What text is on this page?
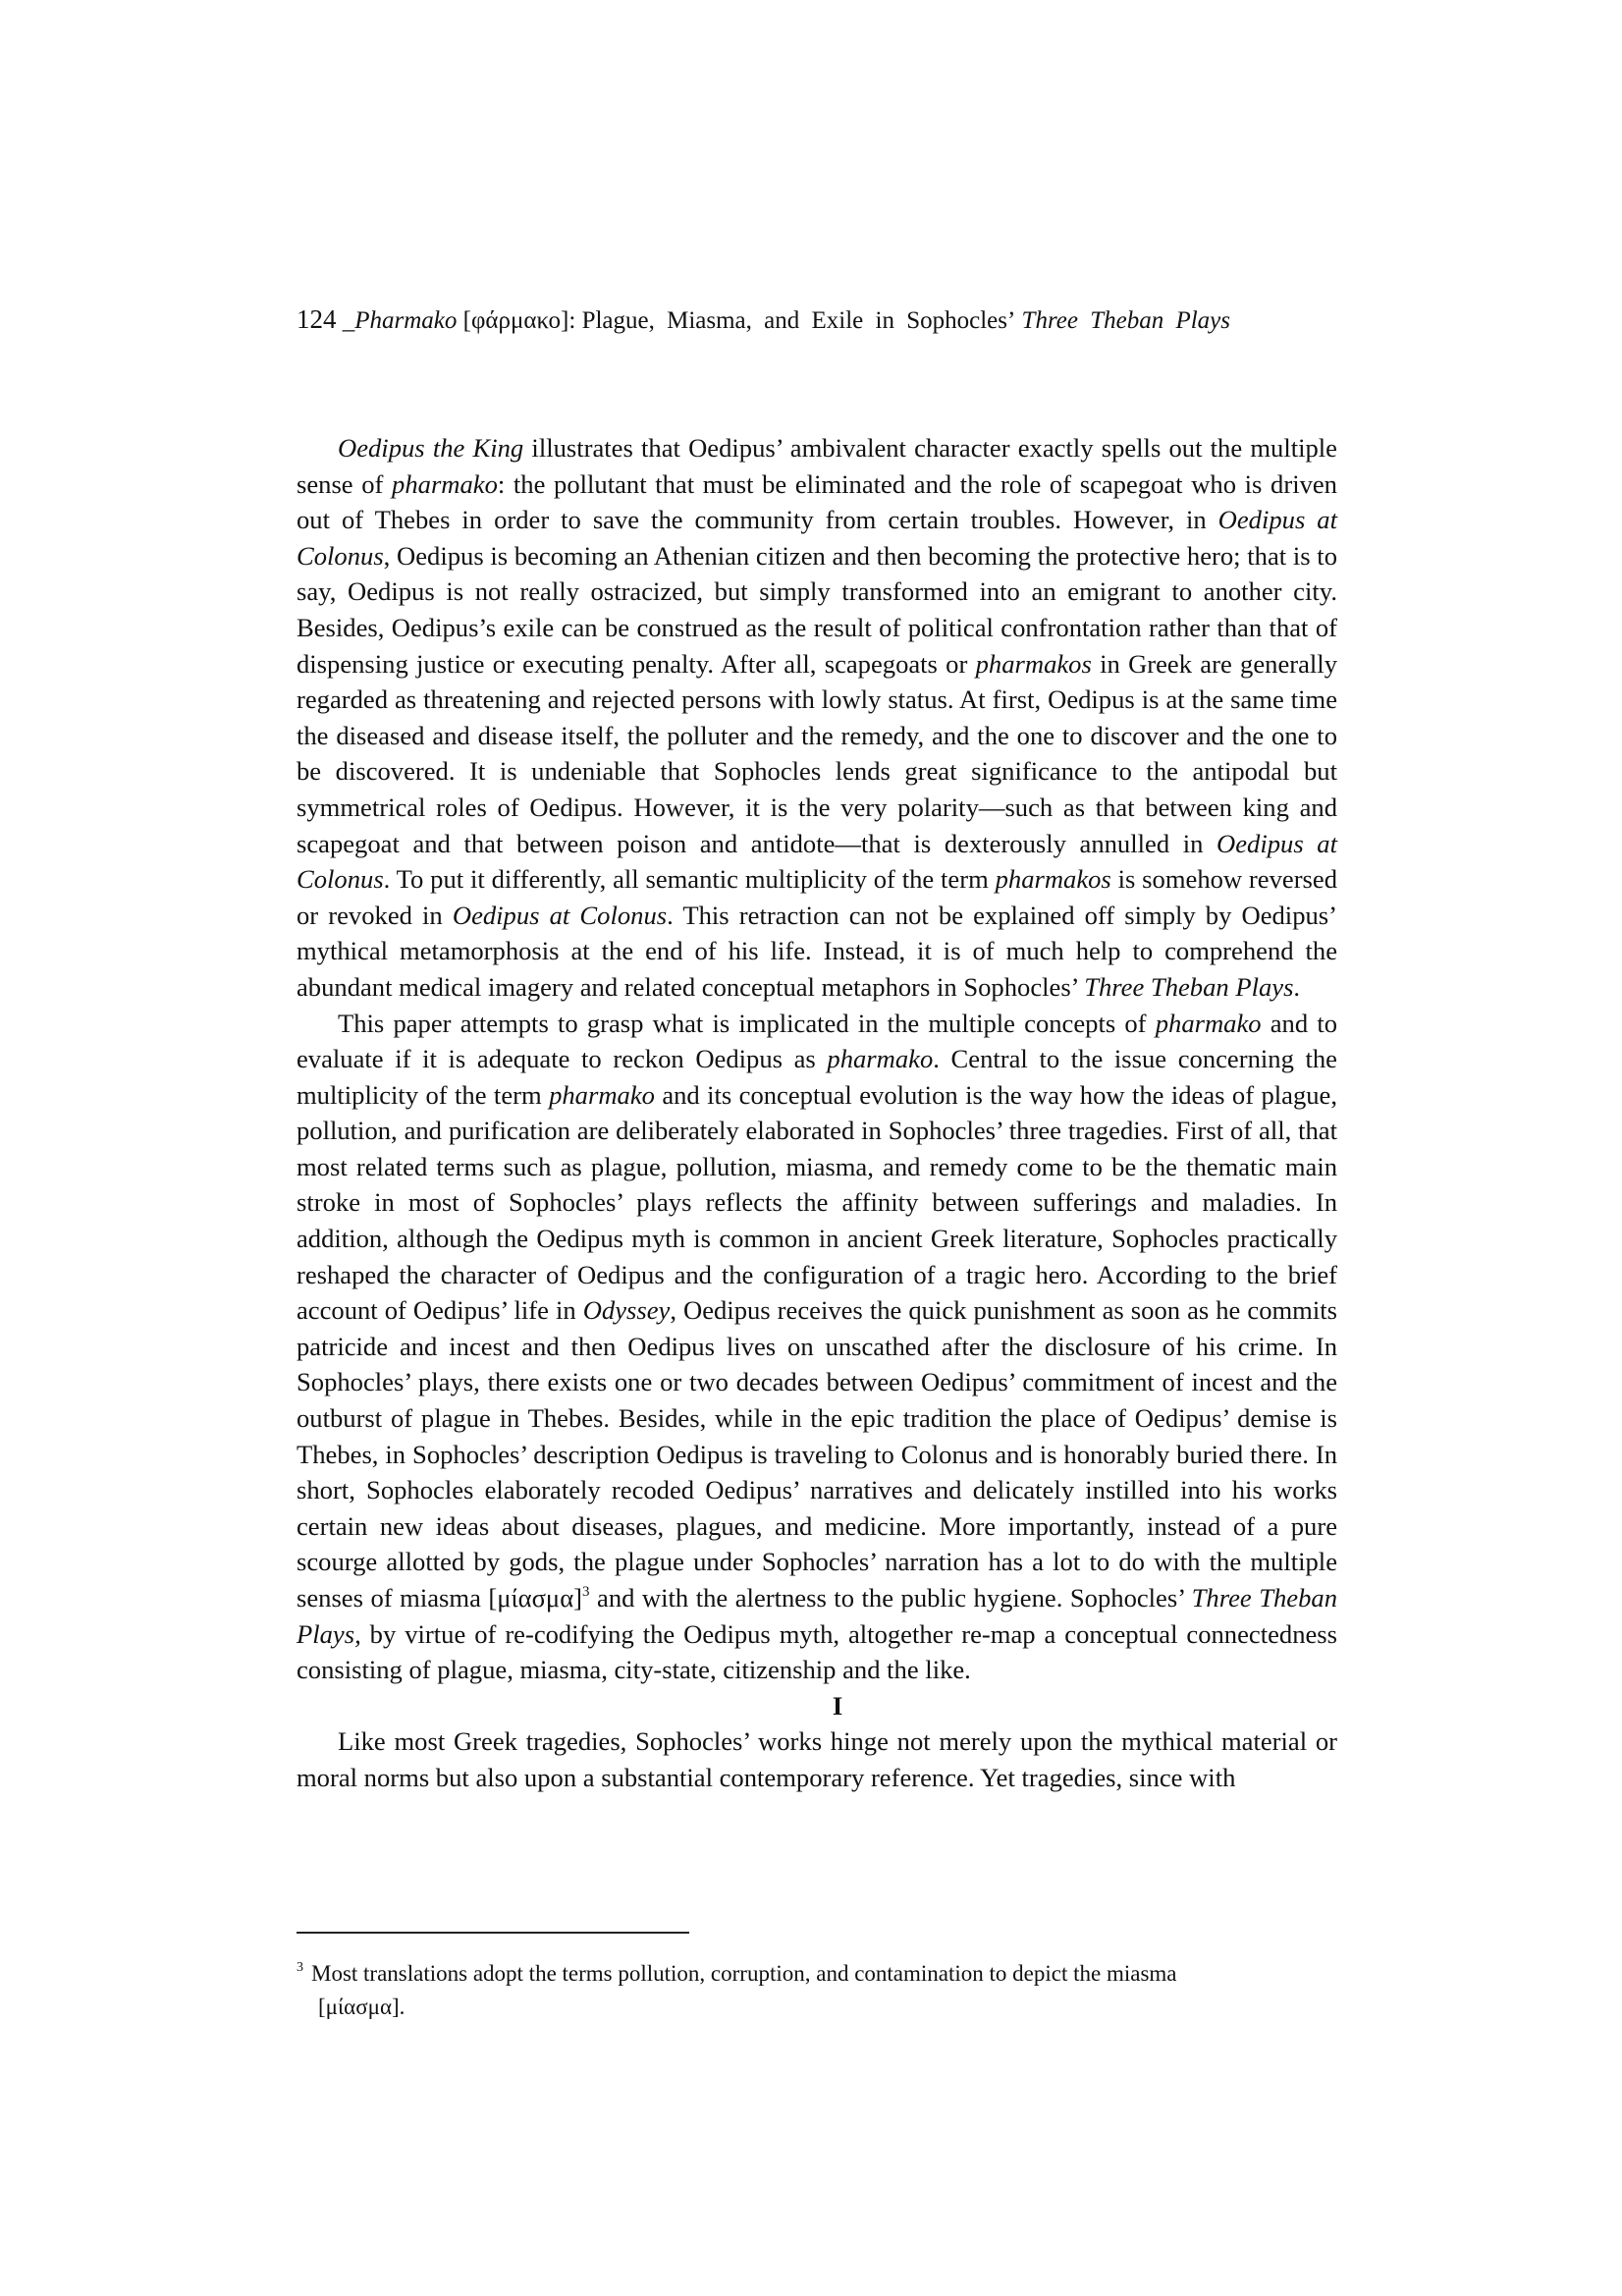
124 _Pharmako [φάρμακο]: Plague, Miasma, and Exile in Sophocles’ Three Theban Plays

Oedipus the King illustrates that Oedipus’ ambivalent character exactly spells out the multiple sense of pharmako: the pollutant that must be eliminated and the role of scapegoat who is driven out of Thebes in order to save the community from certain troubles. However, in Oedipus at Colonus, Oedipus is becoming an Athenian citizen and then becoming the protective hero; that is to say, Oedipus is not really ostracized, but simply transformed into an emigrant to another city. Besides, Oedipus’s exile can be construed as the result of political confrontation rather than that of dispensing justice or executing penalty. After all, scapegoats or pharmakos in Greek are generally regarded as threatening and rejected persons with lowly status. At first, Oedipus is at the same time the diseased and disease itself, the polluter and the remedy, and the one to discover and the one to be discovered. It is undeniable that Sophocles lends great significance to the antipodal but symmetrical roles of Oedipus. However, it is the very polarity—such as that between king and scapegoat and that between poison and antidote—that is dexterously annulled in Oedipus at Colonus. To put it differently, all semantic multiplicity of the term pharmakos is somehow reversed or revoked in Oedipus at Colonus. This retraction can not be explained off simply by Oedipus’ mythical metamorphosis at the end of his life. Instead, it is of much help to comprehend the abundant medical imagery and related conceptual metaphors in Sophocles’ Three Theban Plays.

This paper attempts to grasp what is implicated in the multiple concepts of pharmako and to evaluate if it is adequate to reckon Oedipus as pharmako. Central to the issue concerning the multiplicity of the term pharmako and its conceptual evolution is the way how the ideas of plague, pollution, and purification are deliberately elaborated in Sophocles’ three tragedies. First of all, that most related terms such as plague, pollution, miasma, and remedy come to be the thematic main stroke in most of Sophocles’ plays reflects the affinity between sufferings and maladies. In addition, although the Oedipus myth is common in ancient Greek literature, Sophocles practically reshaped the character of Oedipus and the configuration of a tragic hero. According to the brief account of Oedipus’ life in Odyssey, Oedipus receives the quick punishment as soon as he commits patricide and incest and then Oedipus lives on unscathed after the disclosure of his crime. In Sophocles’ plays, there exists one or two decades between Oedipus’ commitment of incest and the outburst of plague in Thebes. Besides, while in the epic tradition the place of Oedipus’ demise is Thebes, in Sophocles’ description Oedipus is traveling to Colonus and is honorably buried there. In short, Sophocles elaborately recoded Oedipus’ narratives and delicately instilled into his works certain new ideas about diseases, plagues, and medicine. More importantly, instead of a pure scourge allotted by gods, the plague under Sophocles’ narration has a lot to do with the multiple senses of miasma $[\mu ί\alpha\sigma\mu\alpha]^3$ and with the alertness to the public hygiene. Sophocles’ Three Theban Plays, by virtue of re-codifying the Oedipus myth, altogether re-map a conceptual connectedness consisting of plague, miasma, city-state, citizenship and the like.

I

Like most Greek tragedies, Sophocles’ works hinge not merely upon the mythical material or moral norms but also upon a substantial contemporary reference. Yet tragedies, since with

$^3$ Most translations adopt the terms pollution, corruption, and contamination to depict the miasma
[μίασμα].
